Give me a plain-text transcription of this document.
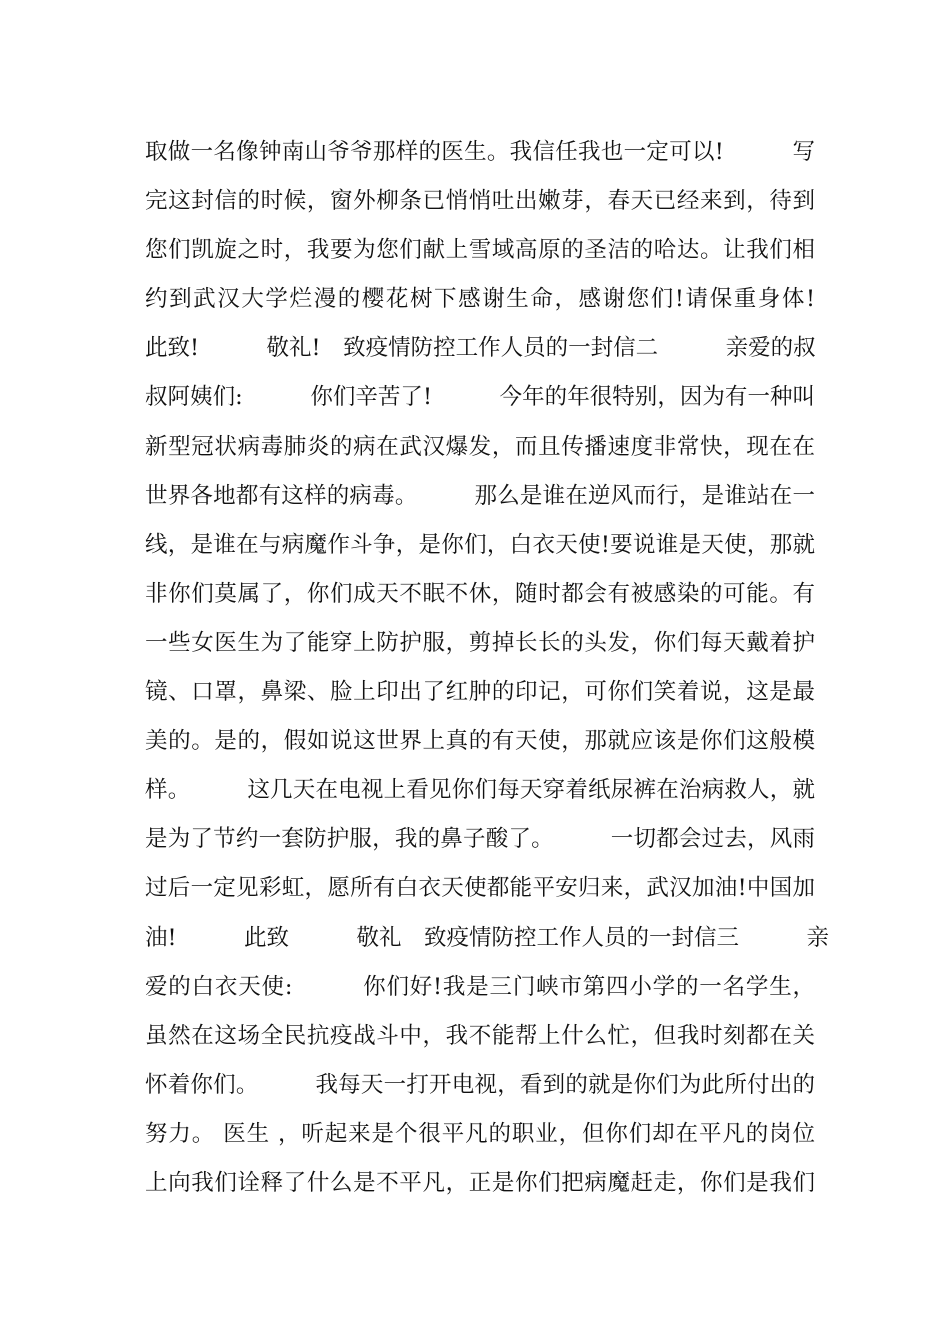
取做一名像钟南山爷爷那样的医生。我信任我也一定可以!　　　写
完这封信的时候，窗外柳条已悄悄吐出嫩芽，春天已经来到，待到
您们凯旋之时，我要为您们献上雪域高原的圣洁的哈达。让我们相
约到武汉大学烂漫的樱花树下感谢生命，感谢您们!请保重身体!
此致!　　　敬礼!　致疫情防控工作人员的一封信二　　　亲爱的叔
叔阿姨们:　　　你们辛苦了!　　　今年的年很特别，因为有一种叫
新型冠状病毒肺炎的病在武汉爆发，而且传播速度非常快，现在在
世界各地都有这样的病毒。　　　那么是谁在逆风而行，是谁站在一
线，是谁在与病魔作斗争，是你们，白衣天使!要说谁是天使，那就
非你们莫属了，你们成天不眠不休，随时都会有被感染的可能。有
一些女医生为了能穿上防护服，剪掉长长的头发，你们每天戴着护
镜、口罩，鼻梁、脸上印出了红肿的印记，可你们笑着说，这是最
美的。是的，假如说这世界上真的有天使，那就应该是你们这般模
样。　　　这几天在电视上看见你们每天穿着纸尿裤在治病救人，就
是为了节约一套防护服，我的鼻子酸了。　　　一切都会过去，风雨
过后一定见彩虹，愿所有白衣天使都能平安归来，武汉加油!中国加
油!　　　此致　　　敬礼　致疫情防控工作人员的一封信三　　　亲
爱的白衣天使:　　　你们好!我是三门峡市第四小学的一名学生，
虽然在这场全民抗疫战斗中，我不能帮上什么忙，但我时刻都在关
怀着你们。　　　我每天一打开电视，看到的就是你们为此所付出的
努力。 医生 ，听起来是个很平凡的职业，但你们却在平凡的岗位
上向我们诠释了什么是不平凡，正是你们把病魔赶走，你们是我们
